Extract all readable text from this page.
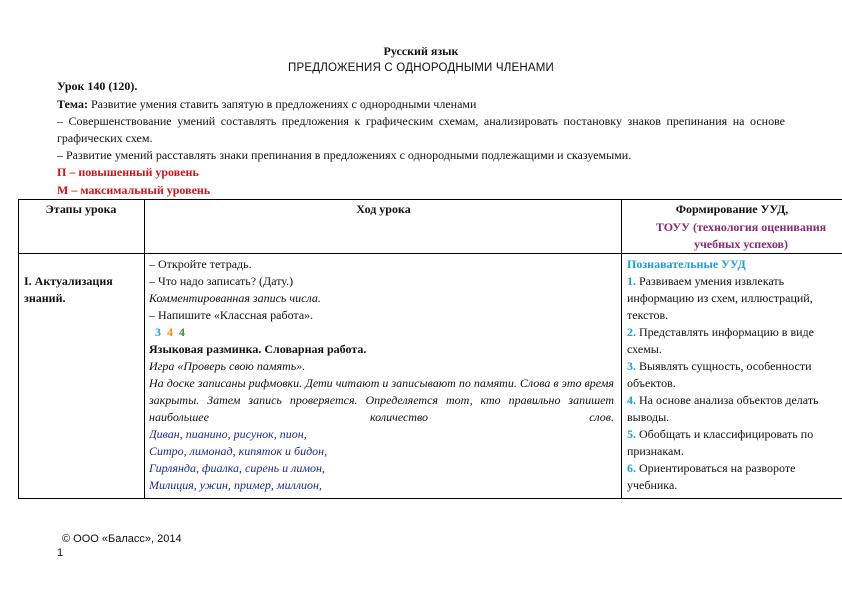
Русский язык
ПРЕДЛОЖЕНИЯ С ОДНОРОДНЫМИ ЧЛЕНАМИ
Урок 140 (120).
Тема: Развитие умения ставить запятую в предложениях с однородными членами
– Совершенствование умений составлять предложения к графическим схемам, анализировать постановку знаков препинания на основе графических схем.
– Развитие умений расставлять знаки препинания в предложениях с однородными подлежащими и сказуемыми.
П – повышенный уровень
М – максимальный уровень
Этапы урока	Ход урока	Формирование УУД,
ТОУУ (технология оценивания
учебных успехов)
I. Актуализация знаний.
– Откройте тетрадь.
– Что надо записать? (Дату.)
Комментированная запись числа.
– Напишите «Классная работа».
3 4 4
Языковая разминка. Словарная работа.
Игра «Проверь свою память».
На доске записаны рифмовки. Дети читают и записывают по памяти. Слова в это время закрыты. Затем запись проверяется. Определяется тот, кто правильно запишет наибольшее количество слов.
Диван, пианино, рисунок, пион,
Ситро, лимонад, кипяток и бидон,
Гирлянда, фиалка, сирень и лимон,
Милиция, ужин, пример, миллион,
Познавательные УУД
1. Развиваем умения извлекать
информацию из схем, иллюстраций,
текстов.
2. Представлять информацию в виде
схемы.
3. Выявлять сущность, особенности
объектов.
4. На основе анализа объектов делать
выводы.
5. Обобщать и классифицировать по
признакам.
6. Ориентироваться на развороте
учебника.
© ООО «Баласс», 2014
1
